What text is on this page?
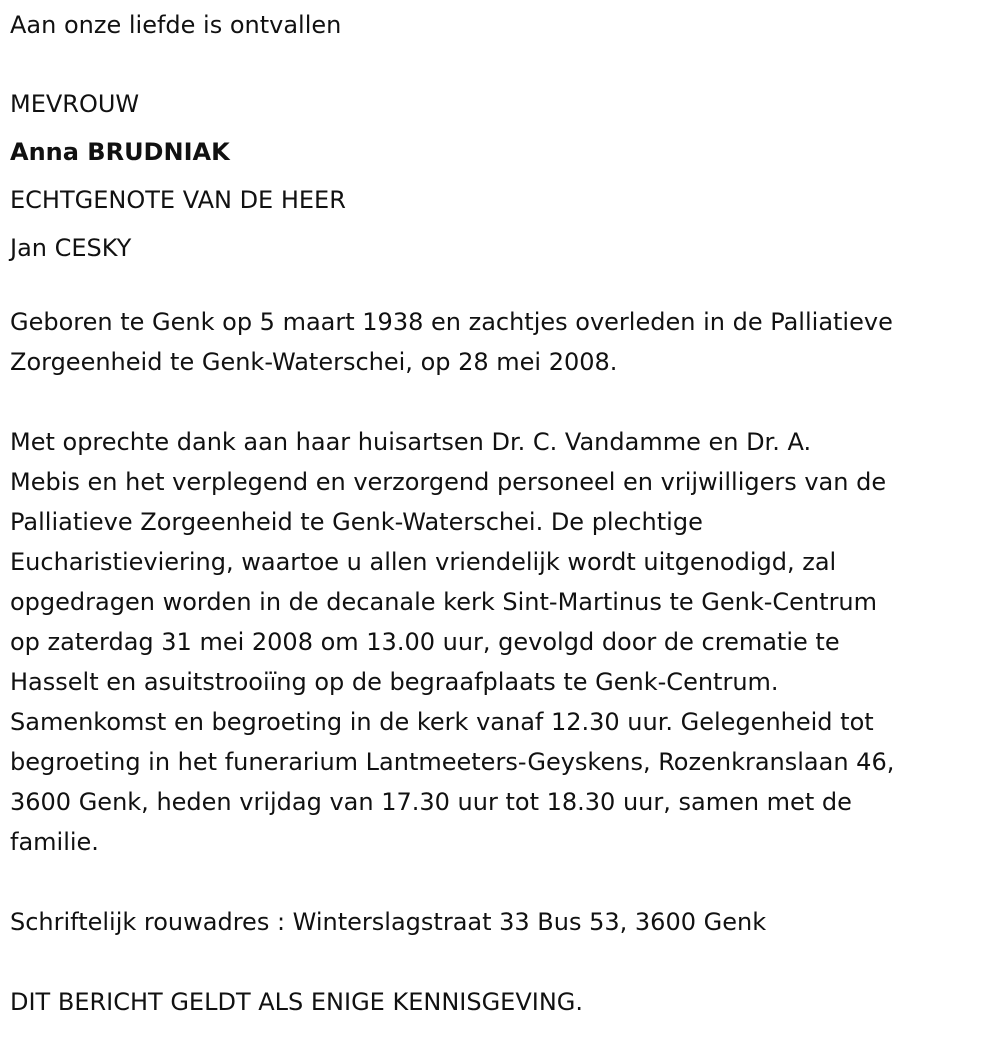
Aan onze liefde is ontvallen

MEVROUW

Anna BRUDNIAK

ECHTGENOTE VAN DE HEER

Jan CESKY

Geboren te Genk op 5 maart 1938 en zachtjes overleden in de Palliatieve
Zorgeenheid te Genk-Waterschei, op 28 mei 2008.

Met oprechte dank aan haar huisartsen Dr. C. Vandamme en Dr. A.
Mebis en het verplegend en verzorgend personeel en vrijwilligers van de
Palliatieve Zorgeenheid te Genk-Waterschei. De plechtige
Eucharistieviering, waartoe u allen vriendelijk wordt uitgenodigd, zal
opgedragen worden in de decanale kerk Sint-Martinus te Genk-Centrum
op zaterdag 31 mei 2008 om 13.00 uur, gevolgd door de crematie te
Hasselt en asuitstrooiïng op de begraafplaats te Genk-Centrum.
Samenkomst en begroeting in de kerk vanaf 12.30 uur. Gelegenheid tot
begroeting in het funerarium Lantmeeters-Geyskens, Rozenkranslaan 46,
3600 Genk, heden vrijdag van 17.30 uur tot 18.30 uur, samen met de
familie.

Schriftelijk rouwadres : Winterslagstraat 33 Bus 53, 3600 Genk

DIT BERICHT GELDT ALS ENIGE KENNISGEVING.
